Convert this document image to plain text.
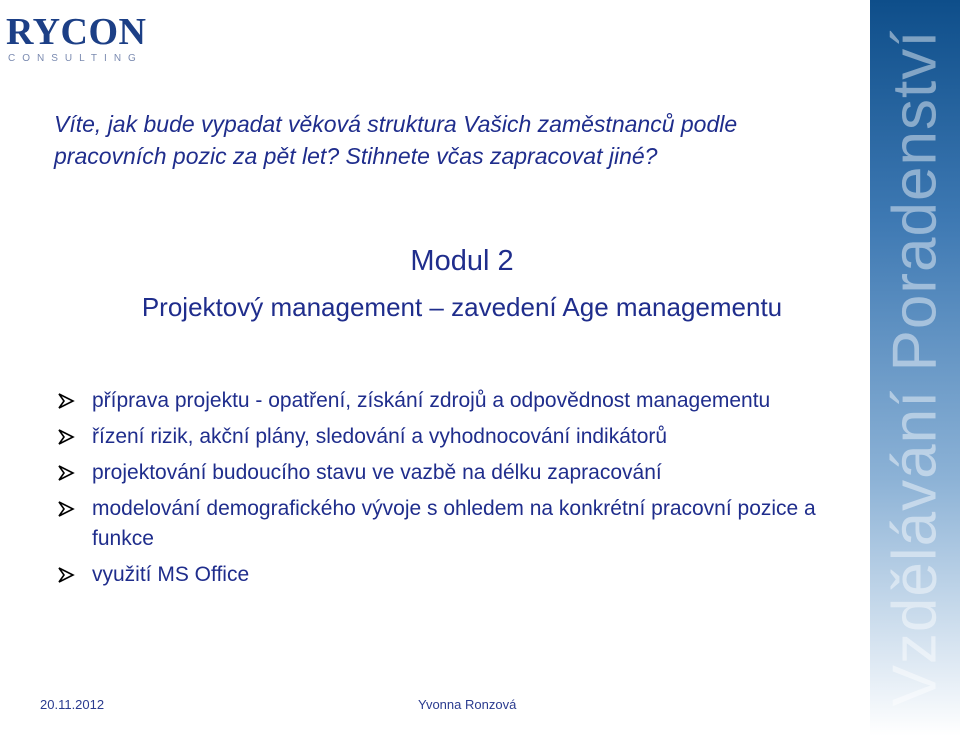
RYCON
CONSULTING	Vzdělávání Poradenství
Víte, jak bude vypadat věková struktura Vašich zaměstnanců podle pracovních pozic za pět let? Stihnete včas zapracovat jiné?
Modul 2
Projektový management – zavedení Age managementu
příprava projektu - opatření, získání zdrojů a odpovědnost managementu
řízení rizik, akční plány, sledování a vyhodnocování indikátorů
projektování budoucího stavu ve vazbě na délku zapracování
modelování demografického vývoje s ohledem na konkrétní pracovní pozice a funkce
využití MS Office
20.11.2012	Yvonna Ronzová
